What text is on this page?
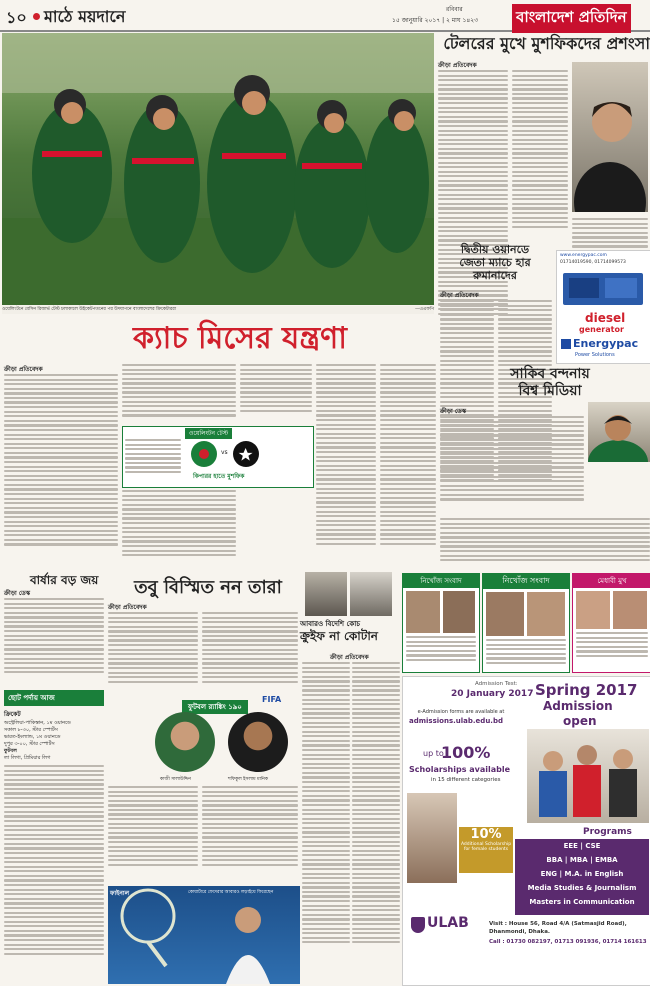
১০ মাঠে ময়দানে	রবিবার
১৫ জানুয়ারি ২০১৭ | ২ মাঘ ১৪২৩	বাংলাদেশ প্রতিদিন
ওয়েলিংটনে বেসিন রিজার্ভ টেস্ট চলাকালে উইকেটপতনের পর উদযাপনে বাংলাদেশের ক্রিকেটাররা	—এএফপি
টেলরের মুখে মুশফিকদের প্রশংসা
ক্রীড়া প্রতিবেদক
ক্যাচ মিসের যন্ত্রণা
ক্রীড়া প্রতিবেদক
ওয়েলিংটন টেস্ট
vs
কিপারর হাতে মুশফিক
দ্বিতীয় ওয়ানডে
জেতা ম্যাচে হার
রুমানাদের
ক্রীড়া প্রতিবেদক
www.energypac.com
01714019590, 01714099573
diesel
generator
Energypac
Power Solutions
সাকিব বন্দনায়
বিশ্ব মিডিয়া
ক্রীড়া ডেস্ক
বার্ষার বড় জয়
ক্রীড়া ডেস্ক
ছোট পর্দায় আজ
ক্রিকেট
অস্ট্রেলিয়া-পাকিস্তান, ১ম ওয়ানডে
সকাল ৮-৩০, স্টার স্পোর্টস
ভারত-ইংল্যান্ড, ১ম ওয়ানডে
দুপুর ৩-০০, স্টার স্পোর্টস
ফুটবল
লা লিগা, প্রিমিয়ার লিগ
তবু বিস্মিত নন তারা
ক্রীড়া প্রতিবেদক
FIFA
ফুটবল র‍্যাঙ্কিং ১৯০
কাজী সালাউদ্দিন	শফিকুল ইসলাম মানিক
ফাইনাল	কোয়ার্টারে ফেদেরার আবারও লড়াইয়ে ফিরেছেন
আবারও বিদেশি কোচ
ক্রুইফ না কোটান
ক্রীড়া প্রতিবেদক
নিখোঁজ সংবাদ	নিখোঁজ সংবাদ	মেধাবী মুখ
Admission Test:
20 January 2017
e-Admission forms are available at
admissions.ulab.edu.bd
Spring 2017
Admission
open
up to
100%
Scholarships available
in 15 different categories
Programs
EEE | CSE
BBA | MBA | EMBA
ENG | M.A. in English
Media Studies & Journalism
Masters in Communication
10%
Additional Scholarship
for female students
ULAB	Visit : House 56, Road 4/A (Satmasjid Road),
Dhanmondi, Dhaka.
Call : 01730 082197, 01713 091936, 01714 161613
